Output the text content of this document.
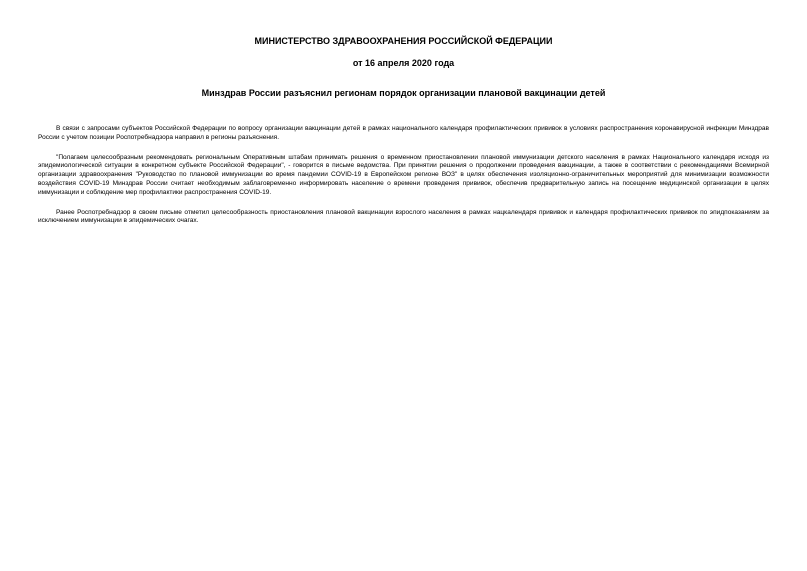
МИНИСТЕРСТВО ЗДРАВООХРАНЕНИЯ РОССИЙСКОЙ ФЕДЕРАЦИИ
от 16 апреля 2020 года
Минздрав России разъяснил регионам порядок организации плановой вакцинации детей

В связи с запросами субъектов Российской Федерации по вопросу организации вакцинации детей в рамках национального календаря профилактических прививок в условиях распространения коронавирусной инфекции Минздрав России с учетом позиции Роспотребнадзора направил в регионы разъяснения.

"Полагаем целесообразным рекомендовать региональным Оперативным штабам принимать решения о временном приостановлении плановой иммунизации детского населения в рамках Национального календаря исходя из эпидемиологической ситуации в конкретном субъекте Российской Федерации", - говорится в письме ведомства. При принятии решения о продолжении проведения вакцинации, а также в соответствии с рекомендациями Всемирной организации здравоохранения "Руководство по плановой иммунизации во время пандемии COVID-19 в Европейском регионе ВОЗ" в целях обеспечения изоляционно-ограничительных мероприятий для минимизации возможности воздействия COVID-19 Минздрав России считает необходимым заблаговременно информировать население о времени проведения прививок, обеспечив предварительную запись на посещение медицинской организации в целях иммунизации и соблюдение мер профилактики распространения COVID-19.

Ранее Роспотребнадзор в своем письме отметил целесообразность приостановления плановой вакцинации взрослого населения в рамках нацкалендаря прививок и календаря профилактических прививок по эпидпоказаниям за исключением иммунизации в эпидемических очагах.
